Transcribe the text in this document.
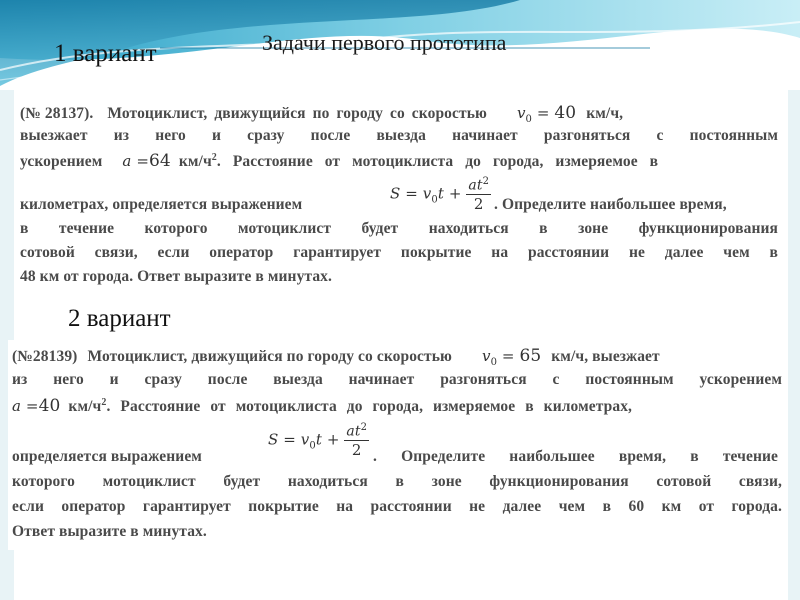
Задачи первого прототипа
1 вариант
2 вариант
(№ 28137). Мотоциклист, движущийся по городу со скоростью $v_0 = 40$ км/ч,
выезжает из него и сразу после выезда начинает разгоняться с постоянным
ускорением a =64 $км/ч^2$. Расстояние от мотоциклиста до города, измеряемое в
километрах, определяется выражением
$S = v_0t + \frac{at^2}{2}$ . Определите наибольшее время,
в течение которого мотоциклист будет находиться в зоне функционирования
сотовой связи, если оператор гарантирует покрытие на расстоянии не далее чем в
48 км от города. Ответ выразите в минутах.
(№28139) Мотоциклист, движущийся по городу со скоростью $v_0 = 65$ км/ч, выезжает
из него и сразу после выезда начинает разгоняться с постоянным ускорением
a =40 $км/ч^2$. Расстояние от мотоциклиста до города, измеряемое в километрах,
определяется выражением
$S = v_0t + \frac{at^2}{2}$ . Определите наибольшее время, в течение
которого мотоциклист будет находиться в зоне функционирования сотовой связи,
если оператор гарантирует покрытие на расстоянии не далее чем в 60 км от города.
Ответ выразите в минутах.
